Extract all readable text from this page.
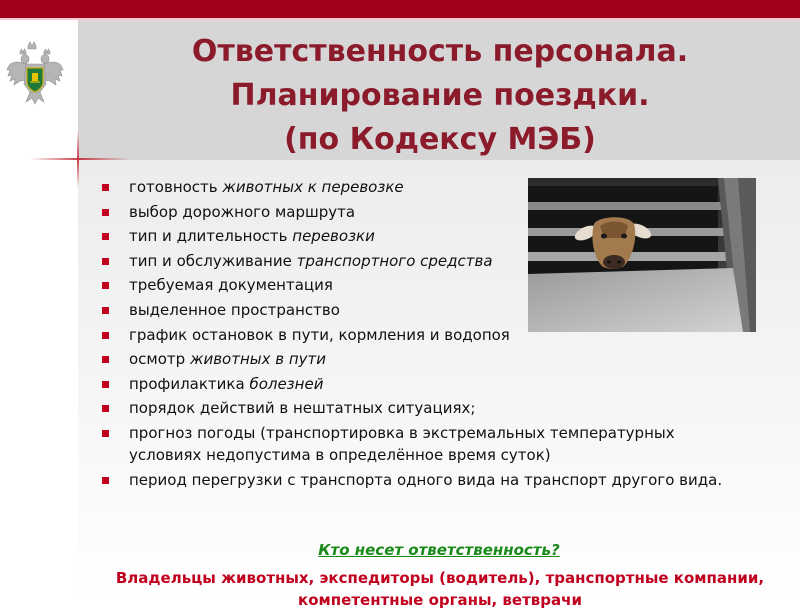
Ответственность персонала.
Планирование поездки.
(по Кодексу МЭБ)
готовность животных к перевозке
выбор дорожного маршрута
тип и длительность перевозки
тип и обслуживание транспортного средства
требуемая документация
выделенное пространство
график остановок в пути, кормления и водопоя
осмотр животных в пути
профилактика болезней
порядок действий в нештатных ситуациях;
прогноз погоды (транспортировка в экстремальных температурных условиях недопустима в определённое время суток)
период перегрузки с транспорта одного вида на транспорт другого вида.
Кто несет ответственность?
Владельцы животных, экспедиторы (водитель), транспортные компании, компетентные органы, ветврачи
